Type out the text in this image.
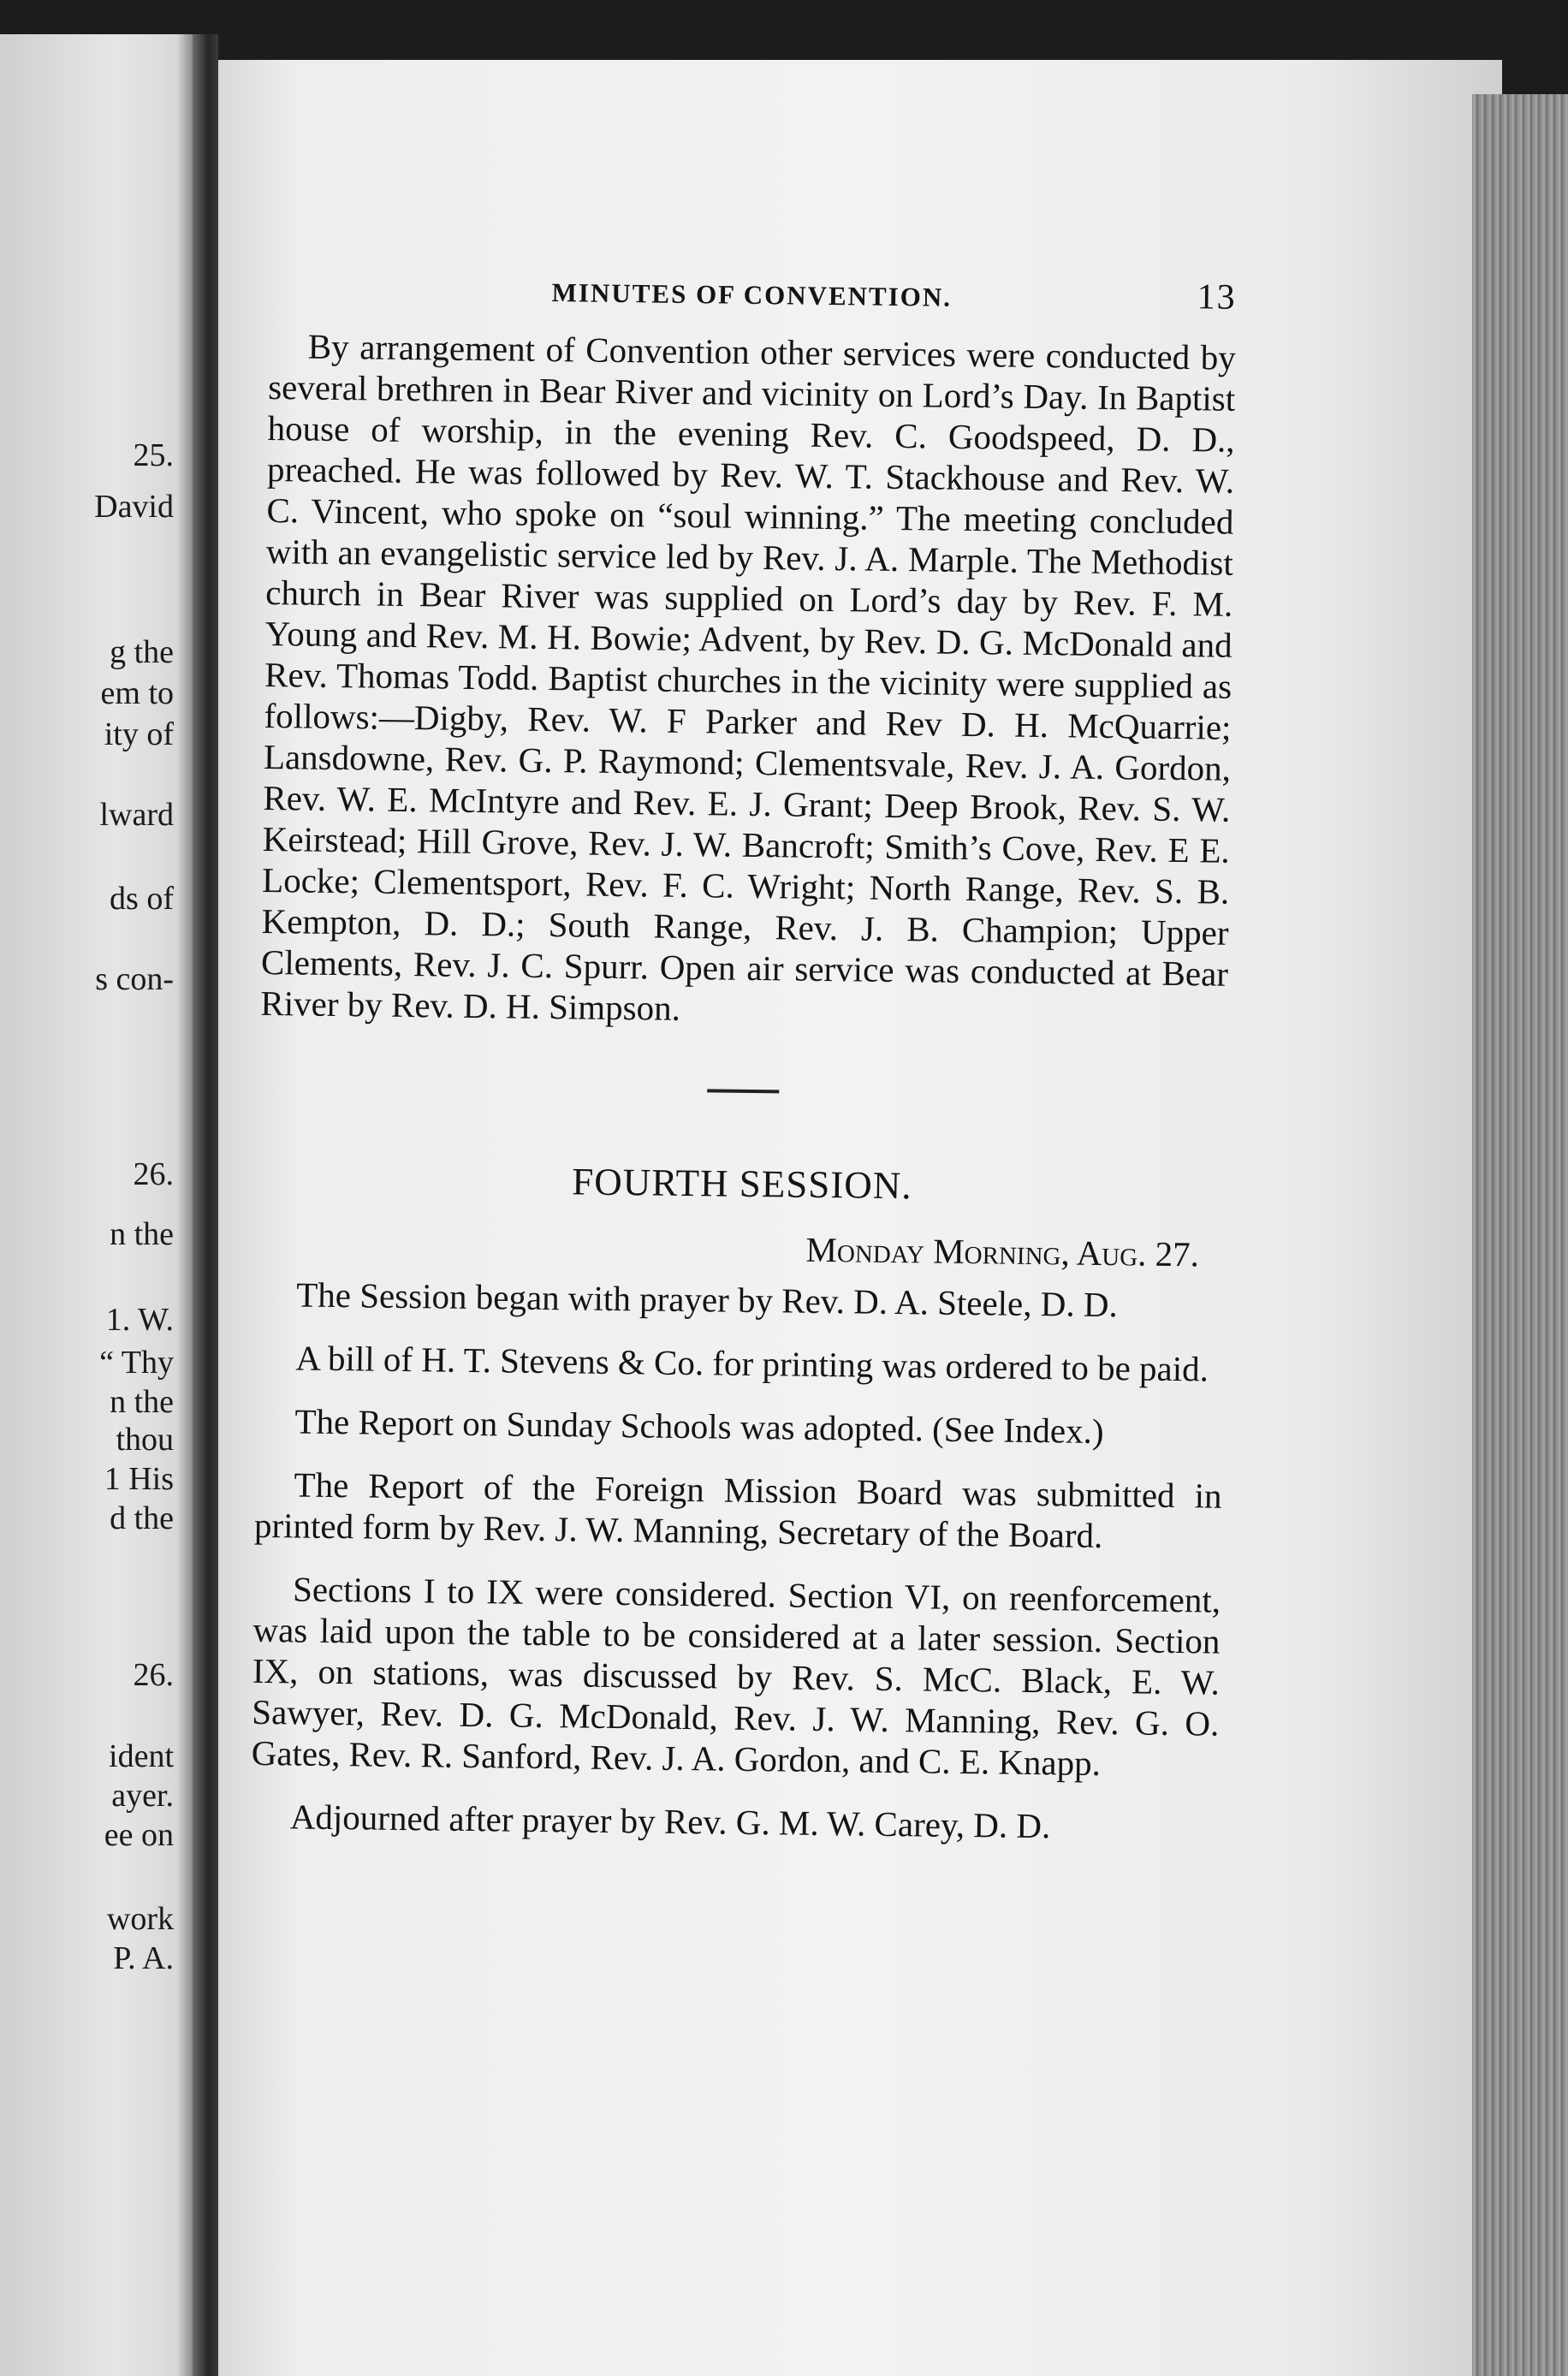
25.
David
g the
em to
ity of
lward
ds of
s con-
26.
n the
1. W.
“ Thy
n the
thou
1 His
d the
26.
ident
ayer.
ee on
work
P. A.
MINUTES OF CONVENTION.	13

By arrangement of Convention other services were conducted by several brethren in Bear River and vicinity on Lord’s Day. In Baptist house of worship, in the evening Rev. C. Goodspeed, D. D., preached. He was followed by Rev. W. T. Stackhouse and Rev. W. C. Vincent, who spoke on “soul winning.” The meeting concluded with an evangelistic service led by Rev. J. A. Marple. The Methodist church in Bear River was supplied on Lord’s day by Rev. F. M. Young and Rev. M. H. Bowie; Advent, by Rev. D. G. McDonald and Rev. Thomas Todd. Baptist churches in the vicinity were supplied as follows:—Digby, Rev. W. F Parker and Rev D. H. McQuarrie; Lansdowne, Rev. G. P. Raymond; Clementsvale, Rev. J. A. Gordon, Rev. W. E. McIntyre and Rev. E. J. Grant; Deep Brook, Rev. S. W. Keirstead; Hill Grove, Rev. J. W. Bancroft; Smith’s Cove, Rev. E E. Locke; Clementsport, Rev. F. C. Wright; North Range, Rev. S. B. Kempton, D. D.; South Range, Rev. J. B. Champion; Upper Clements, Rev. J. C. Spurr. Open air service was conducted at Bear River by Rev. D. H. Simpson.

FOURTH SESSION.
Monday Morning, Aug. 27.

The Session began with prayer by Rev. D. A. Steele, D. D.

A bill of H. T. Stevens & Co. for printing was ordered to be paid.

The Report on Sunday Schools was adopted. (See Index.)

The Report of the Foreign Mission Board was submitted in printed form by Rev. J. W. Manning, Secretary of the Board.

Sections I to IX were considered. Section VI, on reenforcement, was laid upon the table to be considered at a later session. Section IX, on stations, was discussed by Rev. S. McC. Black, E. W. Sawyer, Rev. D. G. McDonald, Rev. J. W. Manning, Rev. G. O. Gates, Rev. R. Sanford, Rev. J. A. Gordon, and C. E. Knapp.

Adjourned after prayer by Rev. G. M. W. Carey, D. D.
